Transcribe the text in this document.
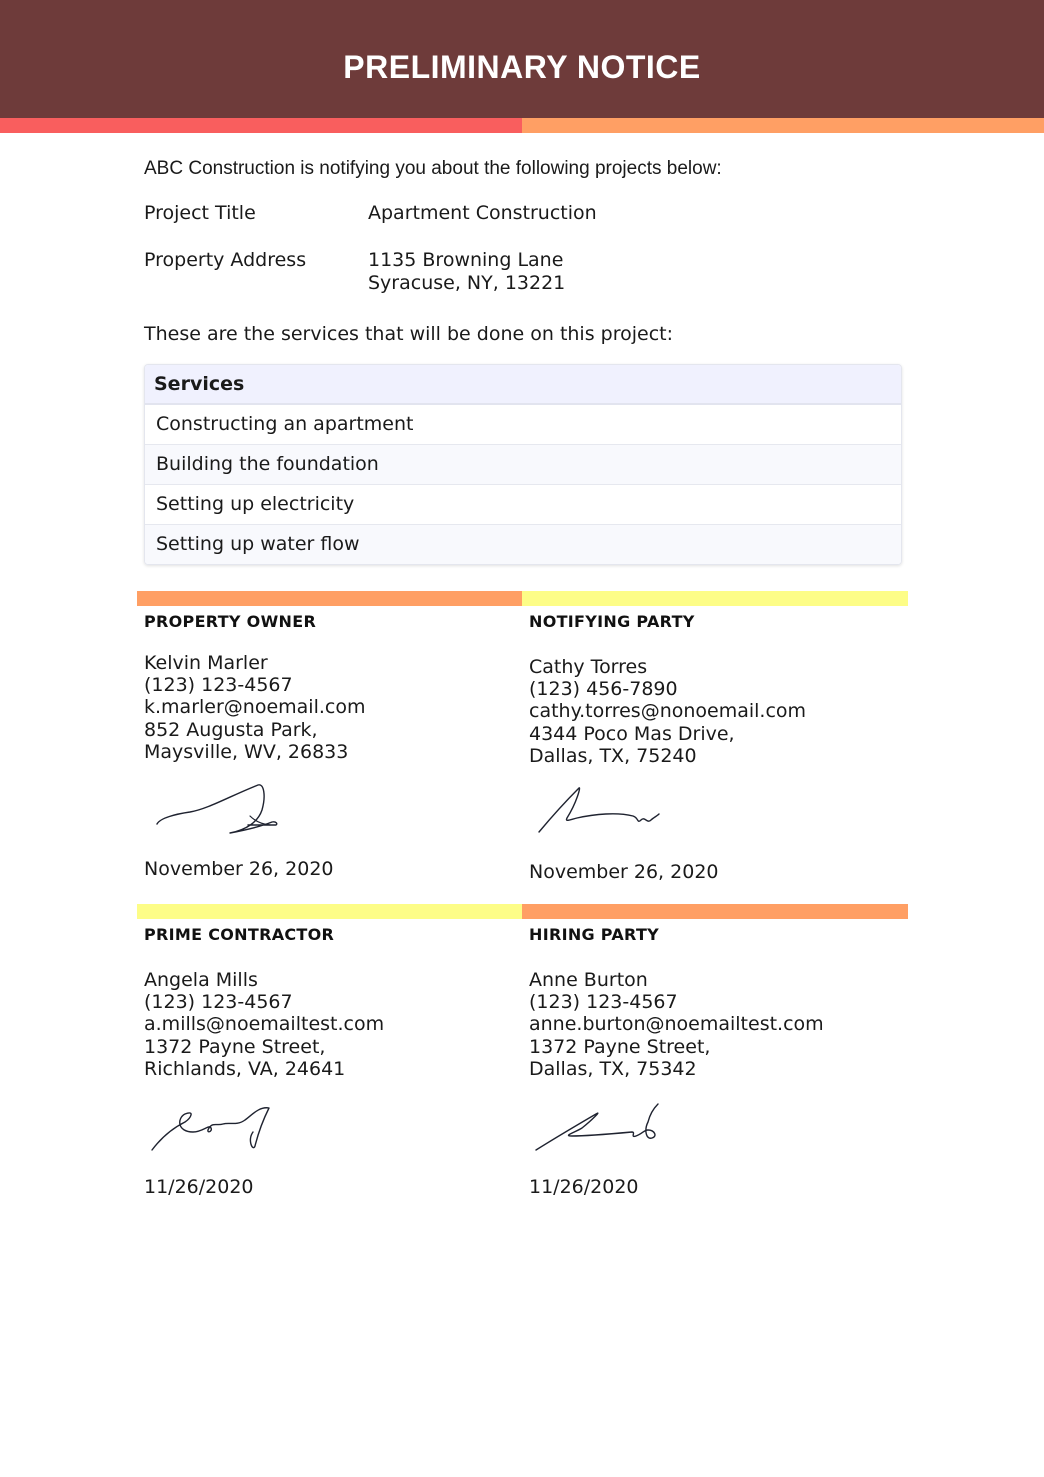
PRELIMINARY NOTICE
ABC Construction is notifying you about the following projects below:
Project Title	Apartment Construction
Property Address	1135 Browning Lane
Syracuse, NY, 13221
These are the services that will be done on this project:
Services
Constructing an apartment
Building the foundation
Setting up electricity
Setting up water flow
PROPERTY OWNER
Kelvin Marler
(123) 123-4567
k.marler@noemail.com
852 Augusta Park,
Maysville, WV, 26833
November 26, 2020
NOTIFYING PARTY
Cathy Torres
(123) 456-7890
cathy.torres@nonoemail.com
4344 Poco Mas Drive,
Dallas, TX, 75240
November 26, 2020
PRIME CONTRACTOR
Angela Mills
(123) 123-4567
a.mills@noemailtest.com
1372 Payne Street,
Richlands, VA, 24641
11/26/2020
HIRING PARTY
Anne Burton
(123) 123-4567
anne.burton@noemailtest.com
1372 Payne Street,
Dallas, TX, 75342
11/26/2020
